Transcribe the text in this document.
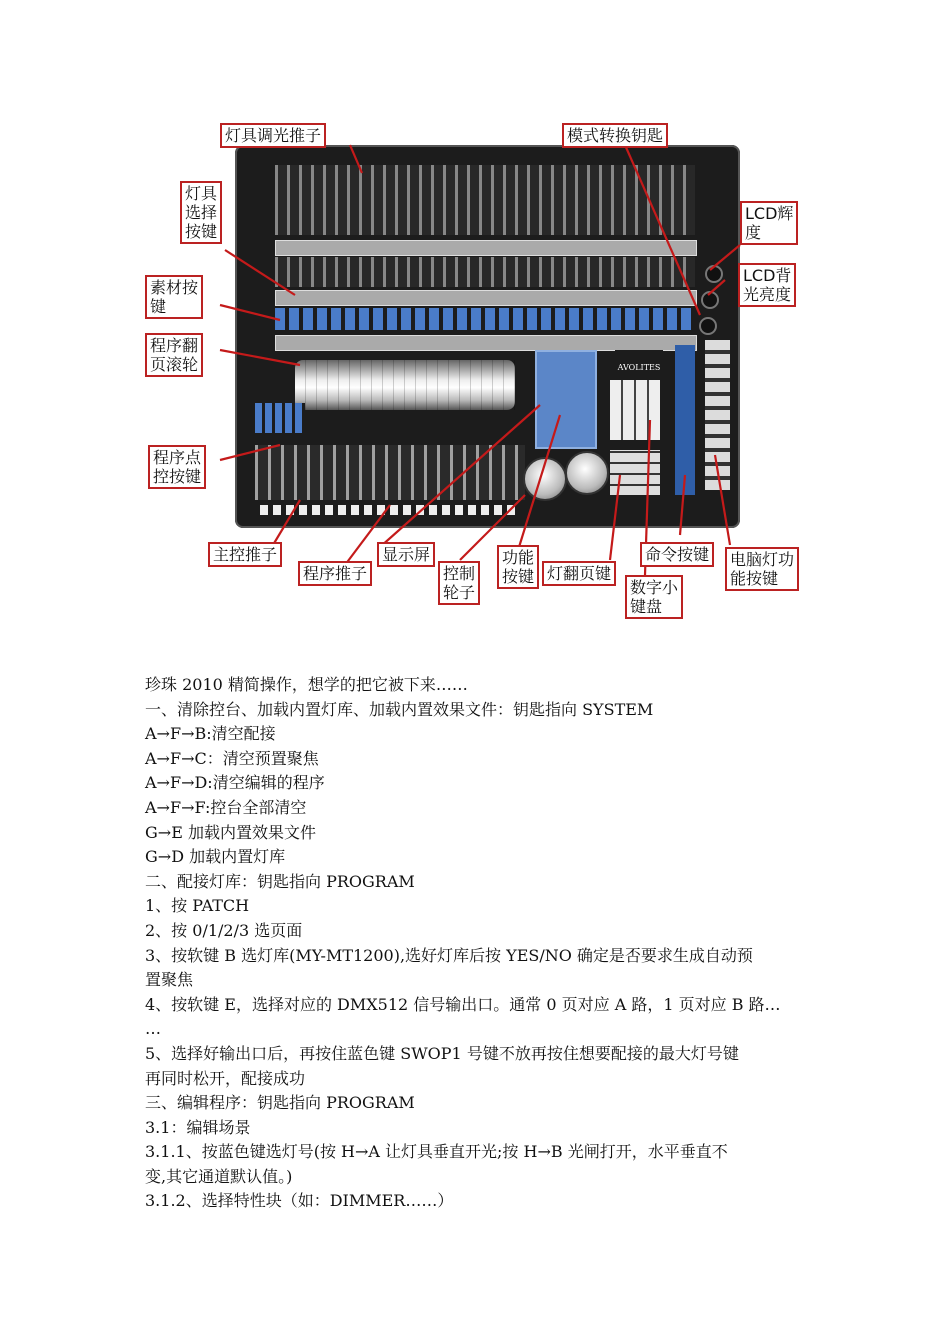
AVOLITES
灯具调光推子	模式转换钥匙
灯具
选择
按键
LCD辉
度
LCD背
光亮度
素材按
键
程序翻
页滚轮
程序点
控按键
主控推子
程序推子
显示屏
控制
轮子
功能
按键 灯翻页键
数字小
键盘
命令按键	电脑灯功
能按键

珍珠 2010 精简操作，想学的把它被下来……

一、清除控台、加载内置灯库、加载内置效果文件：钥匙指向 SYSTEM

A→F→B:清空配接

A→F→C：清空预置聚焦

A→F→D:清空编辑的程序

A→F→F:控台全部清空

G→E 加载内置效果文件

G→D 加载内置灯库

二、配接灯库：钥匙指向 PROGRAM

1、按 PATCH

2、按 0/1/2/3 选页面

3、按软键 B 选灯库(MY-MT1200),选好灯库后按 YES/NO 确定是否要求生成自动预

置聚焦

4、按软键 E，选择对应的 DMX512 信号输出口。通常 0 页对应 A 路，1 页对应 B 路…

…

5、选择好输出口后，再按住蓝色键 SWOP1 号键不放再按住想要配接的最大灯号键

再同时松开，配接成功

三、编辑程序：钥匙指向 PROGRAM

3.1：编辑场景

3.1.1、按蓝色键选灯号(按 H→A 让灯具垂直开光;按 H→B 光闸打开，水平垂直不

变,其它通道默认值。)

3.1.2、选择特性块（如：DIMMER……）
